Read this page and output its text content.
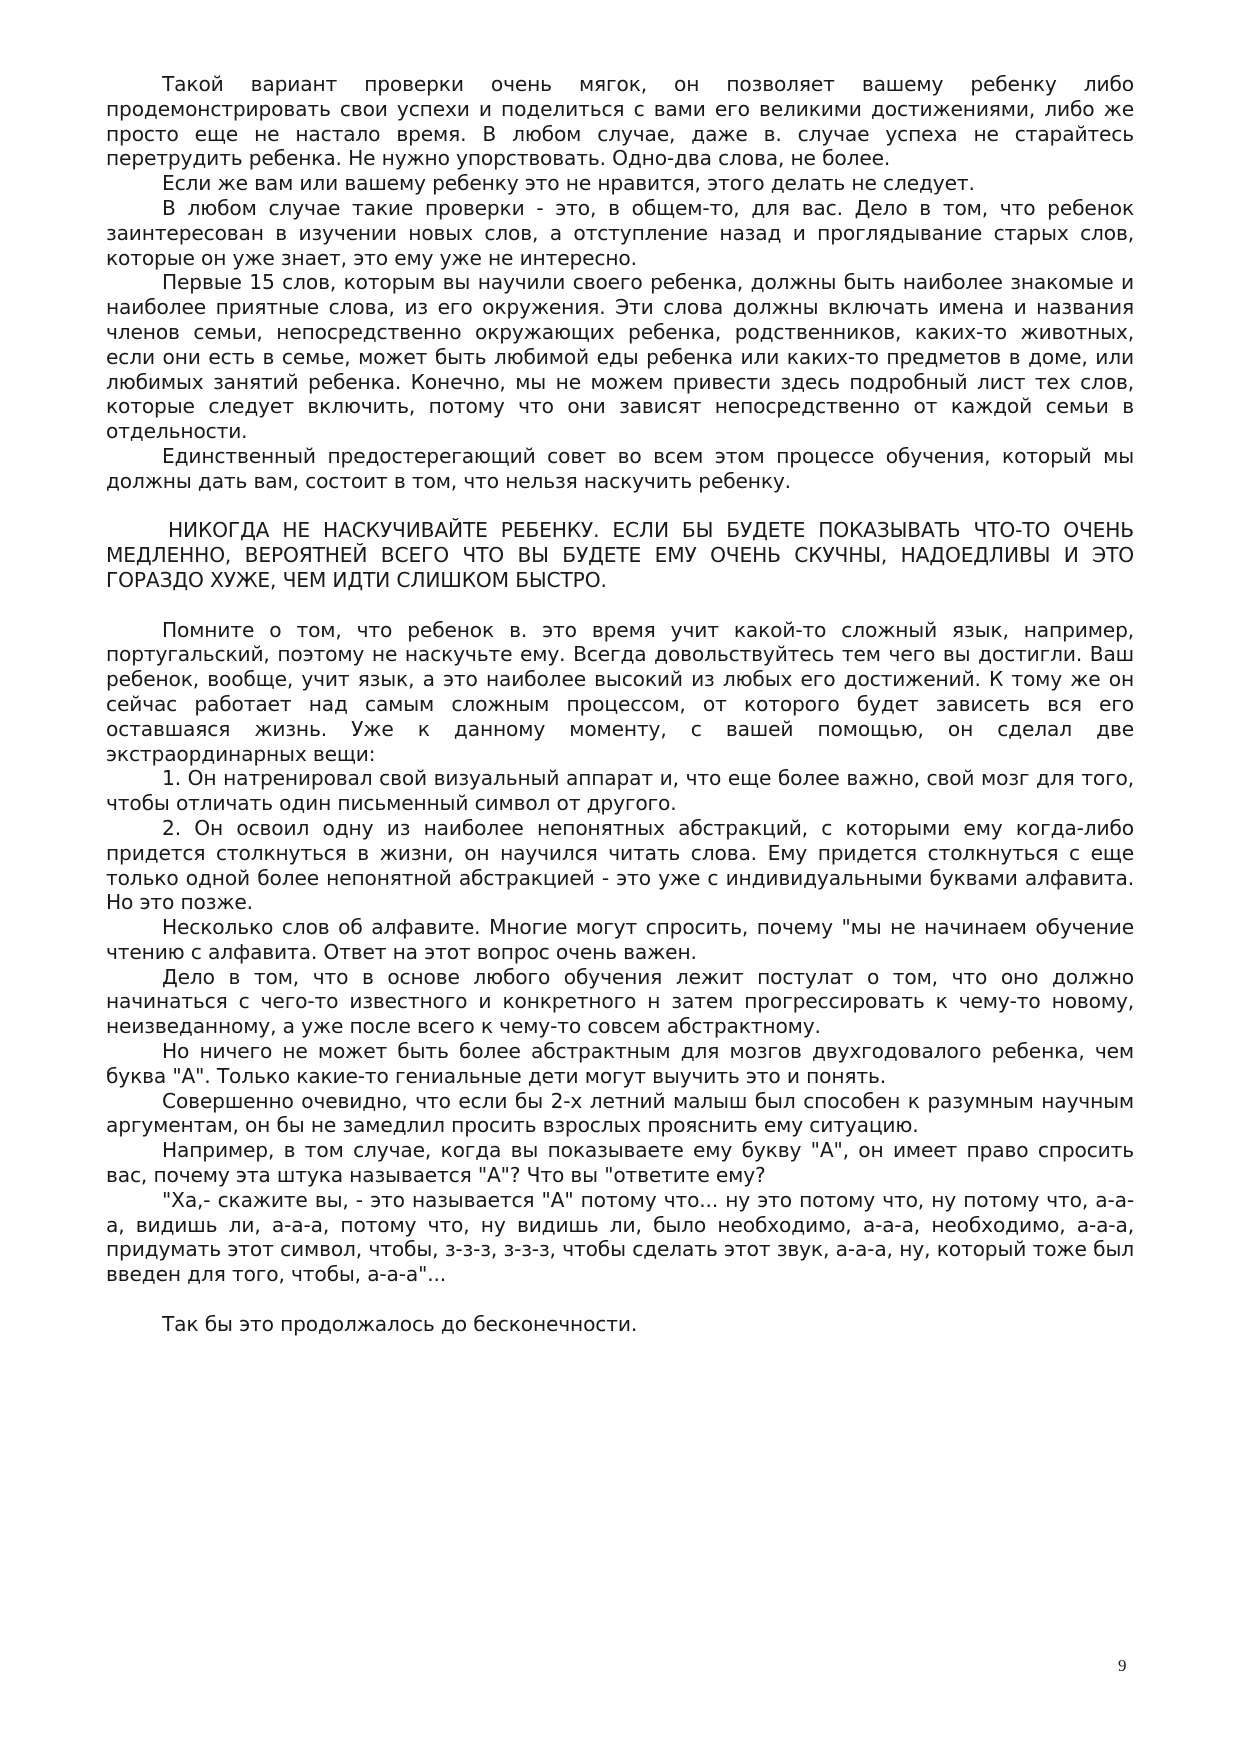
Такой вариант проверки очень мягок, он позволяет вашему ребенку либо продемонстрировать свои успехи и поделиться с вами его великими достижениями, либо же просто еще не настало время. В любом случае, даже в. случае успеха не старайтесь перетрудить ребенка. Не нужно упорствовать. Одно-два слова, не более.

Если же вам или вашему ребенку это не нравится, этого делать не следует.

В любом случае такие проверки - это, в общем-то, для вас. Дело в том, что ребенок заинтересован в изучении новых слов, а отступление назад и проглядывание старых слов, которые он уже знает, это ему уже не интересно.

Первые 15 слов, которым вы научили своего ребенка, должны быть наиболее знакомые и наиболее приятные слова, из его окружения. Эти слова должны включать имена и названия членов семьи, непосредственно окружающих ребенка, родственников, каких-то животных, если они есть в семье, может быть любимой еды ребенка или каких-то предметов в доме, или любимых занятий ребенка. Конечно, мы не можем привести здесь подробный лист тех слов, которые следует включить, потому что они зависят непосредственно от каждой семьи в отдельности.

Единственный предостерегающий совет во всем этом процессе обучения, который мы должны дать вам, состоит в том, что нельзя наскучить ребенку.

НИКОГДА НЕ НАСКУЧИВАЙТЕ РЕБЕНКУ. ЕСЛИ БЫ БУДЕТЕ ПОКАЗЫВАТЬ ЧТО-ТО ОЧЕНЬ МЕДЛЕННО, ВЕРОЯТНЕЙ ВСЕГО ЧТО ВЫ БУДЕТЕ ЕМУ ОЧЕНЬ СКУЧНЫ, НАДОЕДЛИВЫ И ЭТО ГОРАЗДО ХУЖЕ, ЧЕМ ИДТИ СЛИШКОМ БЫСТРО.

Помните о том, что ребенок в. это время учит какой-то сложный язык, например, португальский, поэтому не наскучьте ему. Всегда довольствуйтесь тем чего вы достигли. Ваш ребенок, вообще, учит язык, а это наиболее высокий из любых его достижений. К тому же он сейчас работает над самым сложным процессом, от которого будет зависеть вся его оставшаяся жизнь. Уже к данному моменту, с вашей помощью, он сделал две экстраординарных вещи:

1. Он натренировал свой визуальный аппарат и, что еще более важно, свой мозг для того, чтобы отличать один письменный символ от другого.

2. Он освоил одну из наиболее непонятных абстракций, с которыми ему когда-либо придется столкнуться в жизни, он научился читать слова. Ему придется столкнуться с еще только одной более непонятной абстракцией - это уже с индивидуальными буквами алфавита. Но это позже.

Несколько слов об алфавите. Многие могут спросить, почему "мы не начинаем обучение чтению с алфавита. Ответ на этот вопрос очень важен.

Дело в том, что в основе любого обучения лежит постулат о том, что оно должно начинаться с чего-то известного и конкретного н затем прогрессировать к чему-то новому, неизведанному, а уже после всего к чему-то совсем абстрактному.

Но ничего не может быть более абстрактным для мозгов двухгодовалого ребенка, чем буква "А". Только какие-то гениальные дети могут выучить это и понять.

Совершенно очевидно, что если бы 2-х летний малыш был способен к разумным научным аргументам, он бы не замедлил просить взрослых прояснить ему ситуацию.

Например, в том случае, когда вы показываете ему букву "А", он имеет право спросить вас, почему эта штука называется "А"? Что вы "ответите ему?

"Ха,- скажите вы, - это называется "А" потому что... ну это потому что, ну потому что, а-а-а, видишь ли, а-а-а, потому что, ну видишь ли, было необходимо, а-а-а, необходимо, а-а-а, придумать этот символ, чтобы, з-з-з, з-з-з, чтобы сделать этот звук, а-а-а, ну, который тоже был введен для того, чтобы, а-а-а"...

Так бы это продолжалось до бесконечности.

9
